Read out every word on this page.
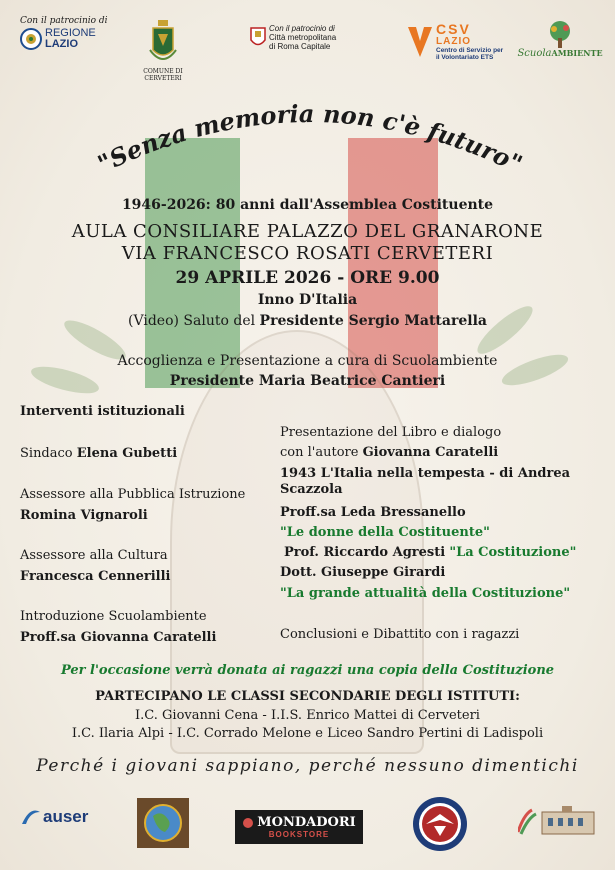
Con il patrocinio di
REGIONE
LAZIO
COMUNE DI
CERVETERI
Con il patrocinio di
Città metropolitana
di Roma Capitale
CSV
LAZIO
Centro di Servizio per
il Volontariato ETS	ScuolaAMBIENTE
"Senza memoria non c'è futuro"
1946-2026: 80 anni dall'Assemblea Costituente
AULA CONSILIARE PALAZZO DEL GRANARONE
VIA FRANCESCO ROSATI CERVETERI
29 APRILE 2026 - ORE 9.00
Inno D'Italia
(Video) Saluto del Presidente Sergio Mattarella
Accoglienza e Presentazione a cura di Scuolambiente
Presidente Maria Beatrice Cantieri
Interventi istituzionali
Sindaco Elena Gubetti
Assessore alla Pubblica Istruzione
Romina Vignaroli
Assessore alla Cultura
Francesca Cennerilli
Introduzione Scuolambiente
Proff.sa Giovanna Caratelli
Presentazione del Libro e dialogo
con l'autore Giovanna Caratelli
1943 L'Italia nella tempesta - di Andrea Scazzola
Proff.sa Leda Bressanello
"Le donne della Costituente"
Prof. Riccardo Agresti "La Costituzione"
Dott. Giuseppe Girardi
"La grande attualità della Costituzione"
Conclusioni e Dibattito con i ragazzi
Per l'occasione verrà donata ai ragazzi una copia della Costituzione
PARTECIPANO LE CLASSI SECONDARIE DEGLI ISTITUTI:
I.C. Giovanni Cena - I.I.S. Enrico Mattei di Cerveteri
I.C. Ilaria Alpi - I.C. Corrado Melone e Liceo Sandro Pertini di Ladispoli
Perché i giovani sappiano, perché nessuno dimentichi
auser	MONDADORI
BOOKSTORE
